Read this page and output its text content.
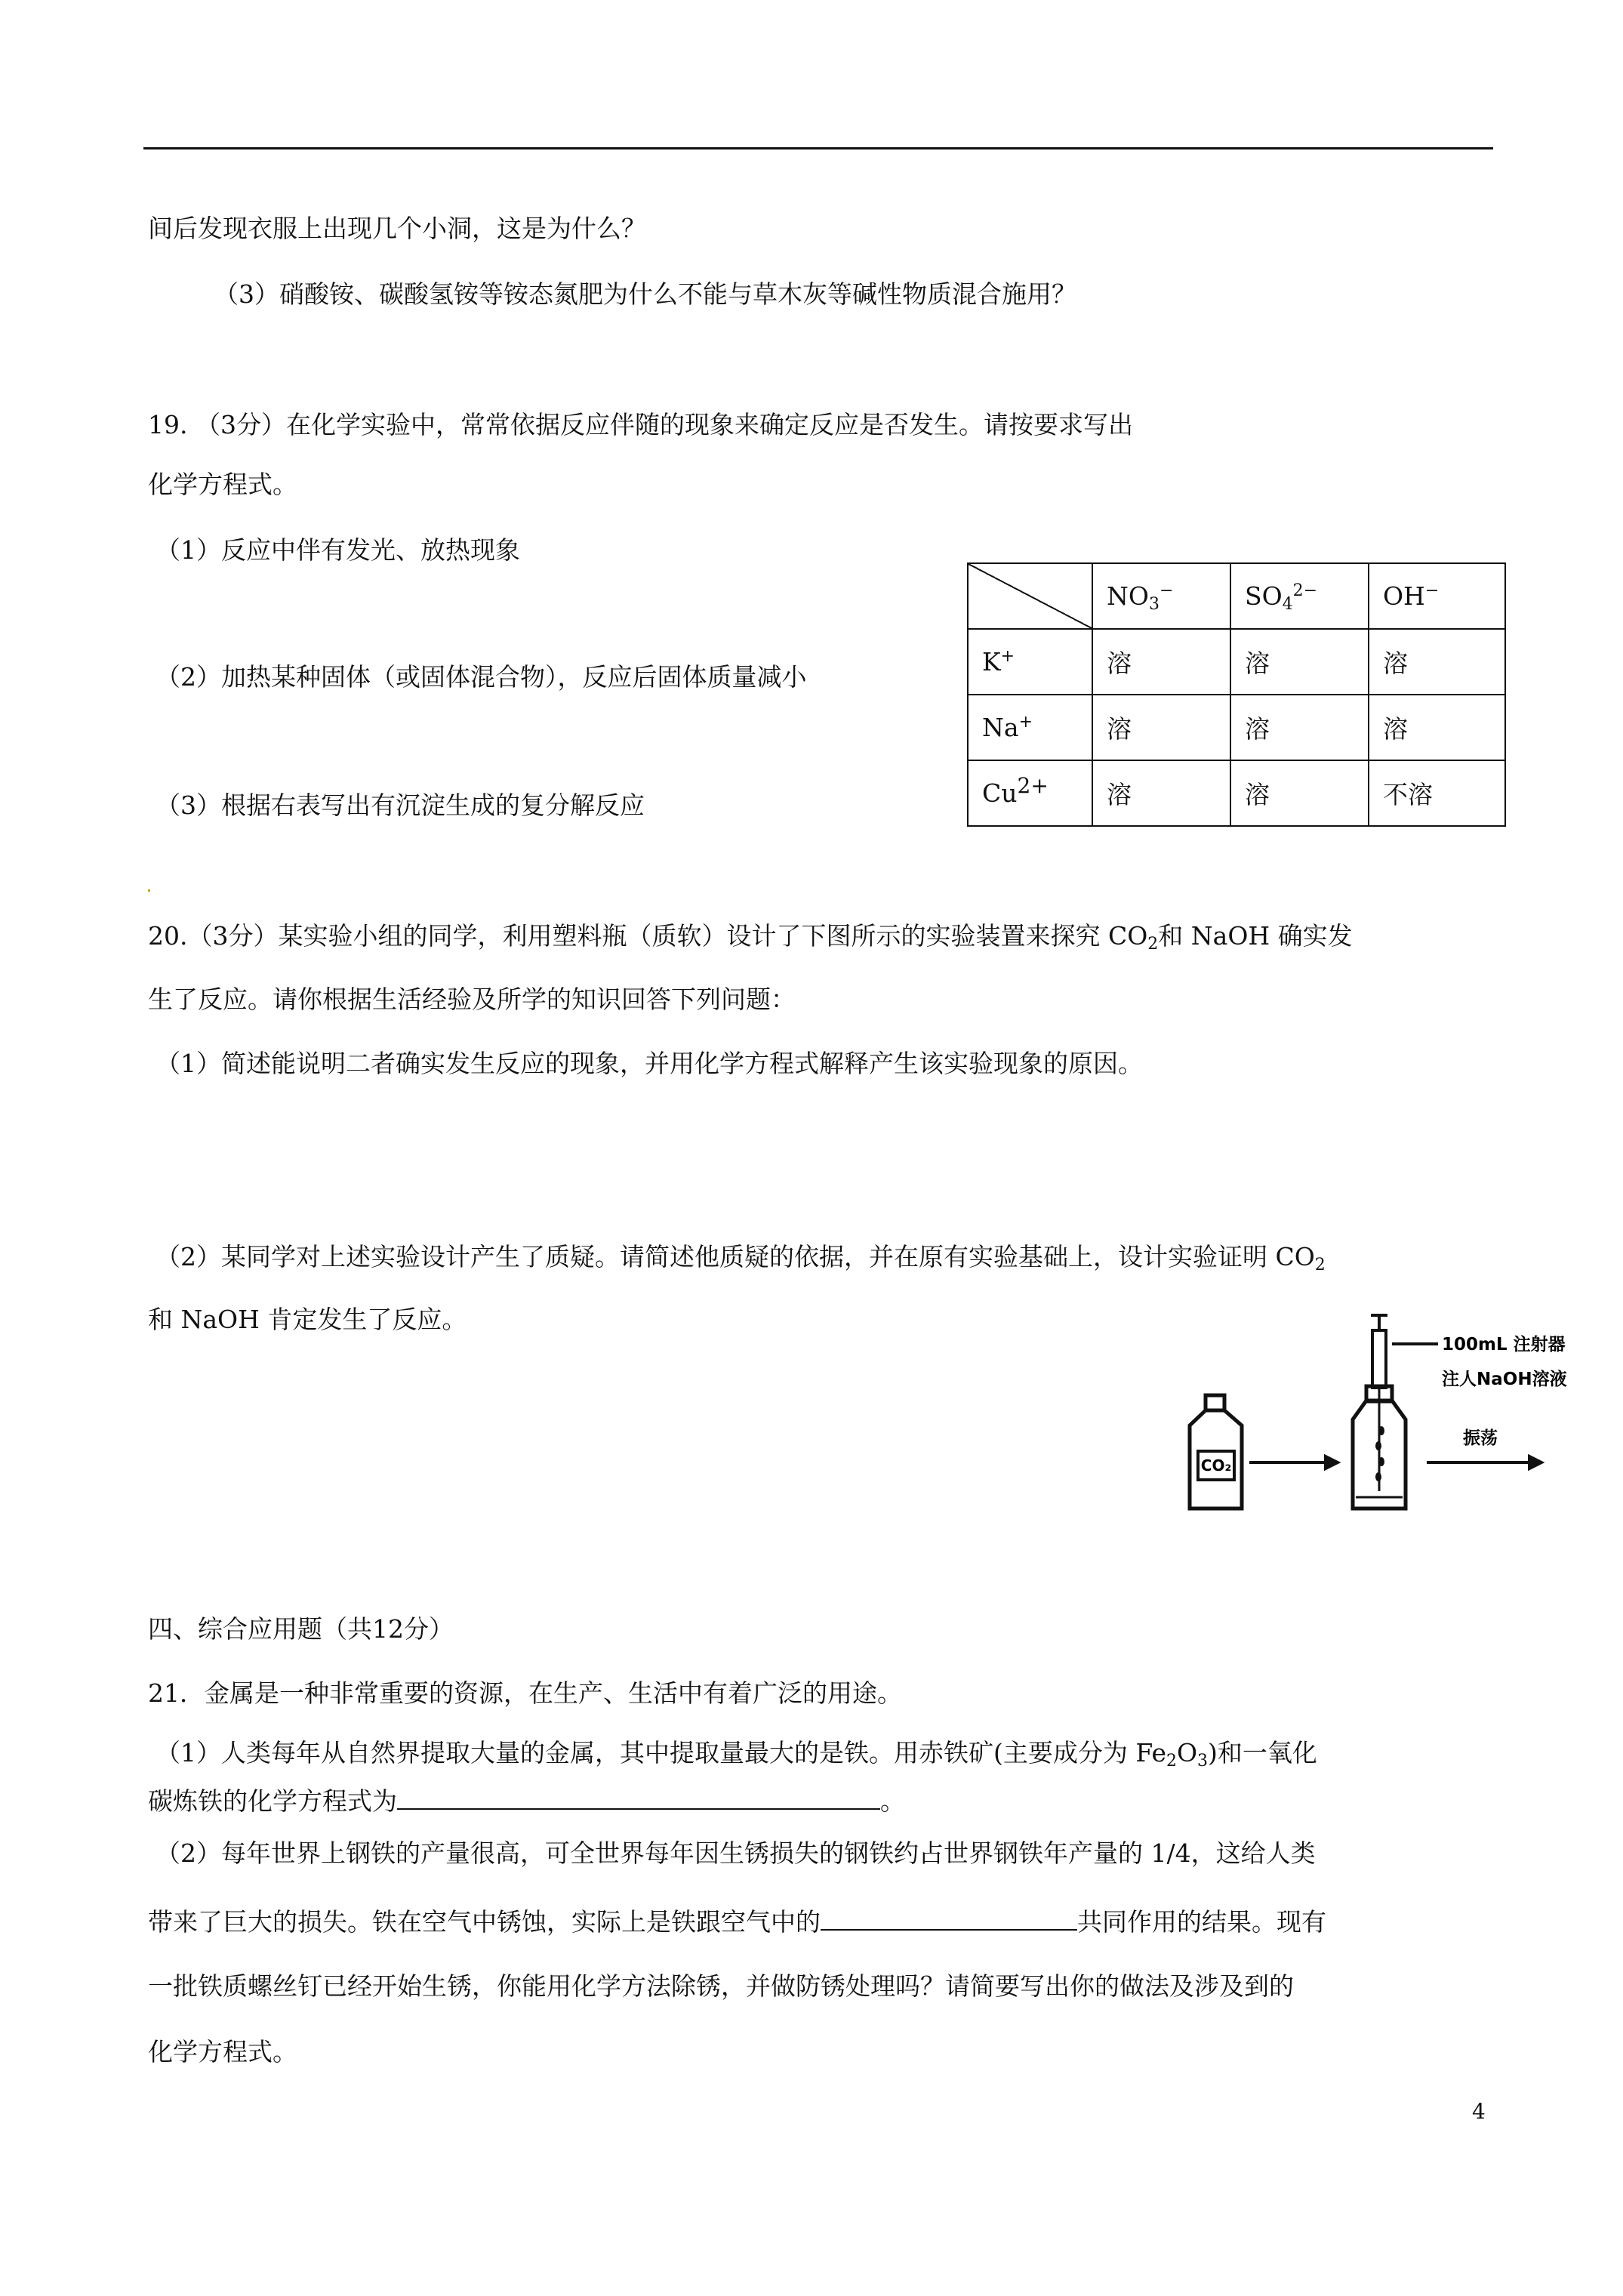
间后发现衣服上出现几个小洞，这是为什么？
（3）硝酸铵、碳酸氢铵等铵态氮肥为什么不能与草木灰等碱性物质混合施用？
19. （3分）在化学实验中，常常依据反应伴随的现象来确定反应是否发生。请按要求写出
化学方程式。
（1）反应中伴有发光、放热现象
（2）加热某种固体（或固体混合物），反应后固体质量减小
（3）根据右表写出有沉淀生成的复分解反应
	$NO_3^-$	$SO_4^{2-}$	OH−
K+	溶	溶	溶
Na+	溶	溶	溶
$Cu^{2+}$	溶	溶	不溶
20.（3分）某实验小组的同学，利用塑料瓶（质软）设计了下图所示的实验装置来探究 $CO_2$和 NaOH 确实发
生了反应。请你根据生活经验及所学的知识回答下列问题：
（1）简述能说明二者确实发生反应的现象，并用化学方程式解释产生该实验现象的原因。
（2）某同学对上述实验设计产生了质疑。请简述他质疑的依据，并在原有实验基础上，设计实验证明 $CO_2$
和 NaOH 肯定发生了反应。
CO₂
100mL 注射器
注人NaOH溶液
振荡
四、综合应用题（共12分）
21．金属是一种非常重要的资源，在生产、生活中有着广泛的用途。
（1）人类每年从自然界提取大量的金属，其中提取量最大的是铁。用赤铁矿(主要成分为 $Fe_2O_3$)和一氧化
碳炼铁的化学方程式为	。
（2）每年世界上钢铁的产量很高，可全世界每年因生锈损失的钢铁约占世界钢铁年产量的 1/4，这给人类
带来了巨大的损失。铁在空气中锈蚀，实际上是铁跟空气中的	共同作用的结果。现有
一批铁质螺丝钉已经开始生锈，你能用化学方法除锈，并做防锈处理吗？请简要写出你的做法及涉及到的
化学方程式。
4
